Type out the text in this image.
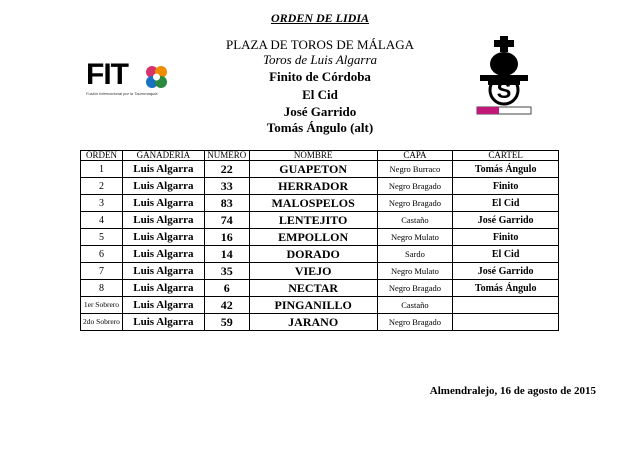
ORDEN DE LIDIA
PLAZA DE TOROS DE MÁLAGA
Toros de Luis Algarra
Finito de Córdoba
El Cid
José Garrido
Tomás Ángulo (alt)
FIT
Fusión Internacional por la Tauromaquia	S
ORDEN	GANADERIA	NUMERO	NOMBRE	CAPA	CARTEL
1	Luis Algarra	22	GUAPETON	Negro Burraco	Tomás Ángulo
2	Luis Algarra	33	HERRADOR	Negro Bragado	Finito
3	Luis Algarra	83	MALOSPELOS	Negro Bragado	El Cid
4	Luis Algarra	74	LENTEJITO	Castaño	José Garrido
5	Luis Algarra	16	EMPOLLON	Negro Mulato	Finito
6	Luis Algarra	14	DORADO	Sardo	El Cid
7	Luis Algarra	35	VIEJO	Negro Mulato	José Garrido
8	Luis Algarra	6	NECTAR	Negro Bragado	Tomás Ángulo
1er Sobrero	Luis Algarra	42	PINGANILLO	Castaño	
2do Sobrero	Luis Algarra	59	JARANO	Negro Bragado	
Almendralejo, 16 de agosto de 2015
